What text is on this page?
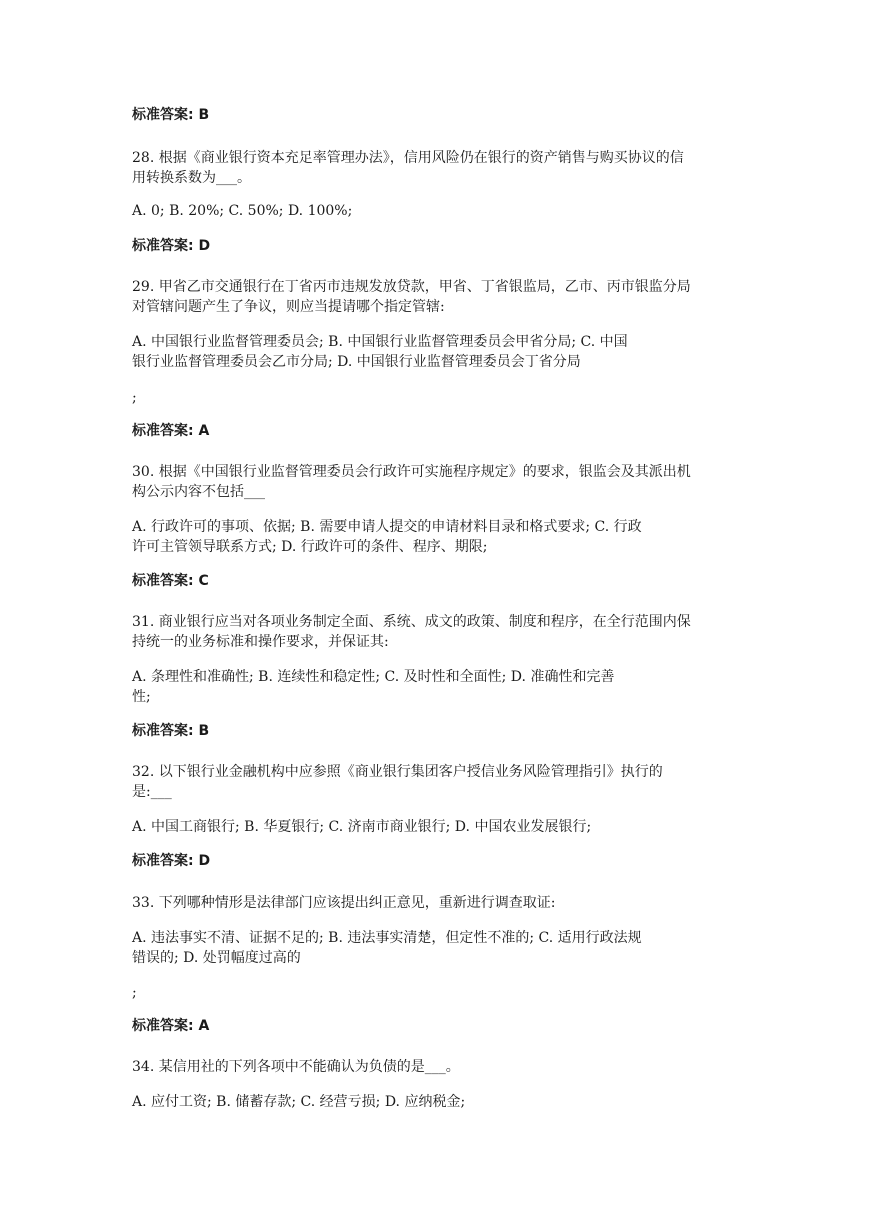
标准答案: B
28. 根据《商业银行资本充足率管理办法》，信用风险仍在银行的资产销售与购买协议的信
用转换系数为___。
A. 0; B. 20%; C. 50%; D. 100%;
标准答案: D
29. 甲省乙市交通银行在丁省丙市违规发放贷款，甲省、丁省银监局，乙市、丙市银监分局
对管辖问题产生了争议，则应当提请哪个指定管辖:
A. 中国银行业监督管理委员会; B. 中国银行业监督管理委员会甲省分局; C. 中国
银行业监督管理委员会乙市分局; D. 中国银行业监督管理委员会丁省分局
;
标准答案: A
30. 根据《中国银行业监督管理委员会行政许可实施程序规定》的要求，银监会及其派出机
构公示内容不包括___
A. 行政许可的事项、依据; B. 需要申请人提交的申请材料目录和格式要求; C. 行政
许可主管领导联系方式; D. 行政许可的条件、程序、期限;
标准答案: C
31. 商业银行应当对各项业务制定全面、系统、成文的政策、制度和程序，在全行范围内保
持统一的业务标准和操作要求，并保证其:
A. 条理性和准确性; B. 连续性和稳定性; C. 及时性和全面性; D. 准确性和完善
性;
标准答案: B
32. 以下银行业金融机构中应参照《商业银行集团客户授信业务风险管理指引》执行的
是:___
A. 中国工商银行; B. 华夏银行; C. 济南市商业银行; D. 中国农业发展银行;
标准答案: D
33. 下列哪种情形是法律部门应该提出纠正意见，重新进行调查取证:
A. 违法事实不清、证据不足的; B. 违法事实清楚，但定性不准的; C. 适用行政法规
错误的; D. 处罚幅度过高的
;
标准答案: A
34. 某信用社的下列各项中不能确认为负债的是___。
A. 应付工资; B. 储蓄存款; C. 经营亏损; D. 应纳税金;
